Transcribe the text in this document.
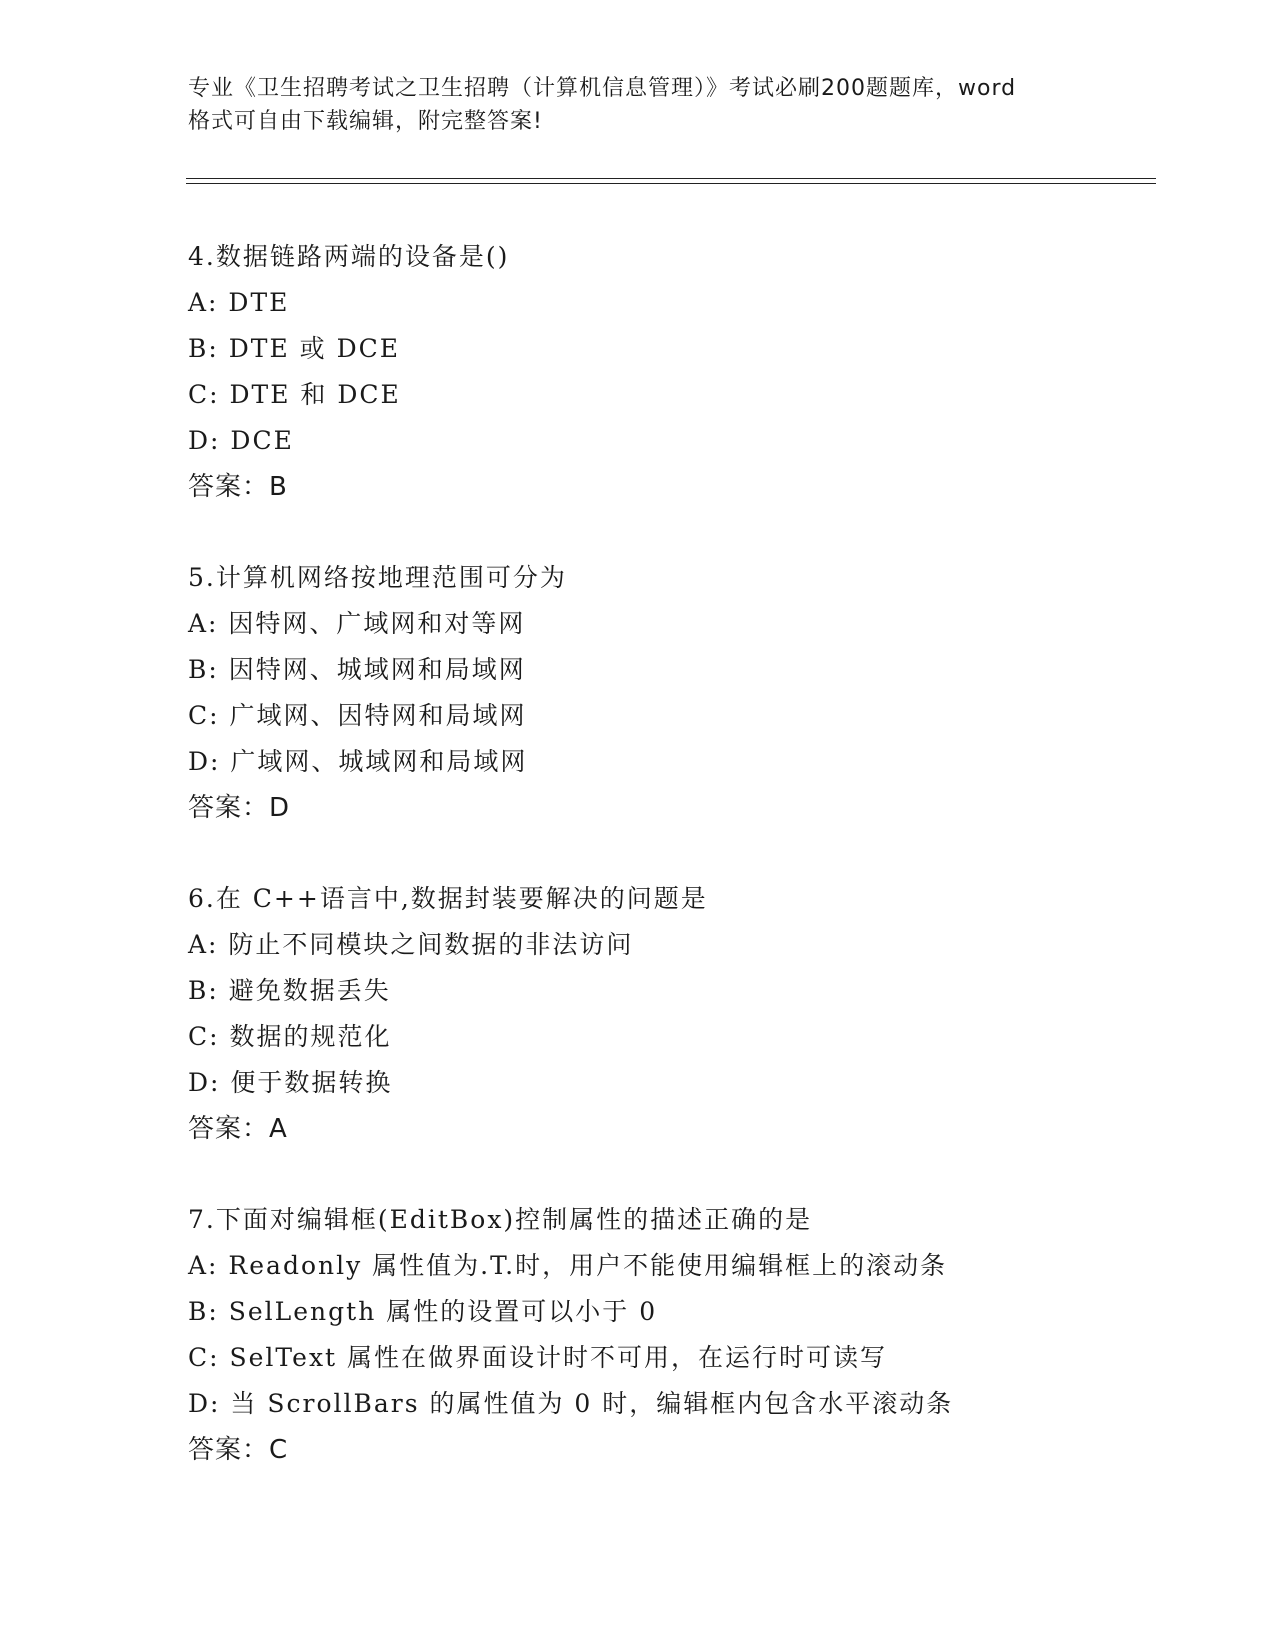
专业《卫生招聘考试之卫生招聘（计算机信息管理）》考试必刷200题题库，word
格式可自由下载编辑，附完整答案!
4.数据链路两端的设备是()
A: DTE
B: DTE 或 DCE
C: DTE 和 DCE
D: DCE
答案：B
5.计算机网络按地理范围可分为
A: 因特网、广域网和对等网
B: 因特网、城域网和局域网
C: 广域网、因特网和局域网
D: 广域网、城域网和局域网
答案：D
6.在 C++语言中,数据封装要解决的问题是
A: 防止不同模块之间数据的非法访问
B: 避免数据丢失
C: 数据的规范化
D: 便于数据转换
答案：A
7.下面对编辑框(EditBox)控制属性的描述正确的是
A: Readonly 属性值为.T.时，用户不能使用编辑框上的滚动条
B: SelLength 属性的设置可以小于 0
C: SelText 属性在做界面设计时不可用，在运行时可读写
D: 当 ScrollBars 的属性值为 0 时，编辑框内包含水平滚动条
答案：C
